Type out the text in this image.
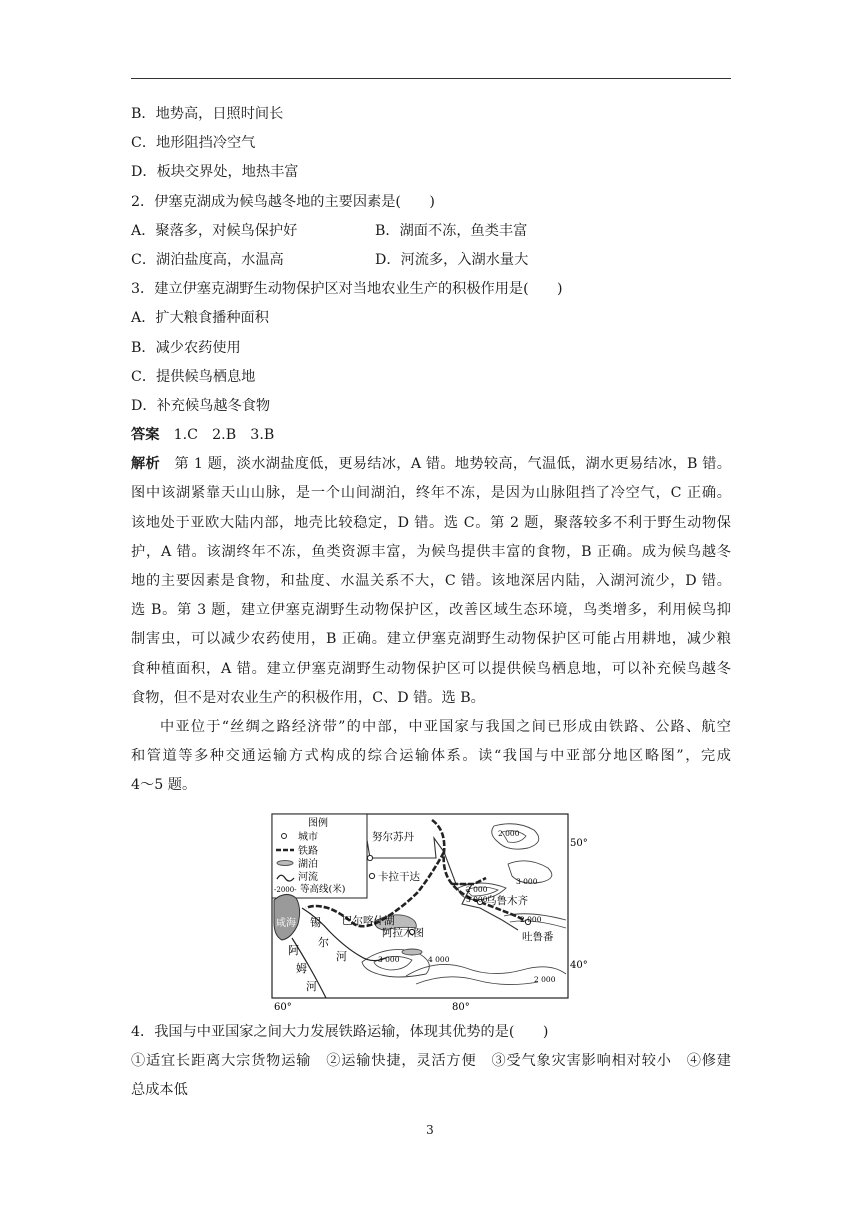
B．地势高，日照时间长
C．地形阻挡冷空气
D．板块交界处，地热丰富
2．伊塞克湖成为候鸟越冬地的主要因素是(　　)
A．聚落多，对候鸟保护好	B．湖面不冻，鱼类丰富
C．湖泊盐度高，水温高	D．河流多，入湖水量大
3．建立伊塞克湖野生动物保护区对当地农业生产的积极作用是(　　)
A．扩大粮食播种面积
B．减少农药使用
C．提供候鸟栖息地
D．补充候鸟越冬食物
答案  1.C　2.B　3.B
解析  第 1 题，淡水湖盐度低，更易结冰，A 错。地势较高，气温低，湖水更易结冰，B 错。
图中该湖紧靠天山山脉，是一个山间湖泊，终年不冻，是因为山脉阻挡了冷空气，C 正确。
该地处于亚欧大陆内部，地壳比较稳定，D 错。选 C。第 2 题，聚落较多不利于野生动物保
护，A 错。该湖终年不冻，鱼类资源丰富，为候鸟提供丰富的食物，B 正确。成为候鸟越冬
地的主要因素是食物，和盐度、水温关系不大，C 错。该地深居内陆，入湖河流少，D 错。
选 B。第 3 题，建立伊塞克湖野生动物保护区，改善区域生态环境，鸟类增多，利用候鸟抑
制害虫，可以减少农药使用，B 正确。建立伊塞克湖野生动物保护区可能占用耕地，减少粮
食种植面积，A 错。建立伊塞克湖野生动物保护区可以提供候鸟栖息地，可以补充候鸟越冬
食物，但不是对农业生产的积极作用，C、D 错。选 B。
中亚位于“丝绸之路经济带”的中部，中亚国家与我国之间已形成由铁路、公路、航空
和管道等多种交通运输方式构成的综合运输体系。读“我国与中亚部分地区略图”，完成
4～5 题。
图例
城市
铁路
湖泊
河流
-2000- 等高线(米)
努尔苏丹
卡拉干达
乌鲁木齐
吐鲁番
巴尔喀什湖
阿拉木图
咸海 锡
尔
河
阿
姆
河
2 000
3 000
2 000
3 000
2 000
3 000	4 000
2 000
50°
40°
60°	80°
4．我国与中亚国家之间大力发展铁路运输，体现其优势的是(　　)
①适宜长距离大宗货物运输　②运输快捷，灵活方便　③受气象灾害影响相对较小　④修建
总成本低
3
